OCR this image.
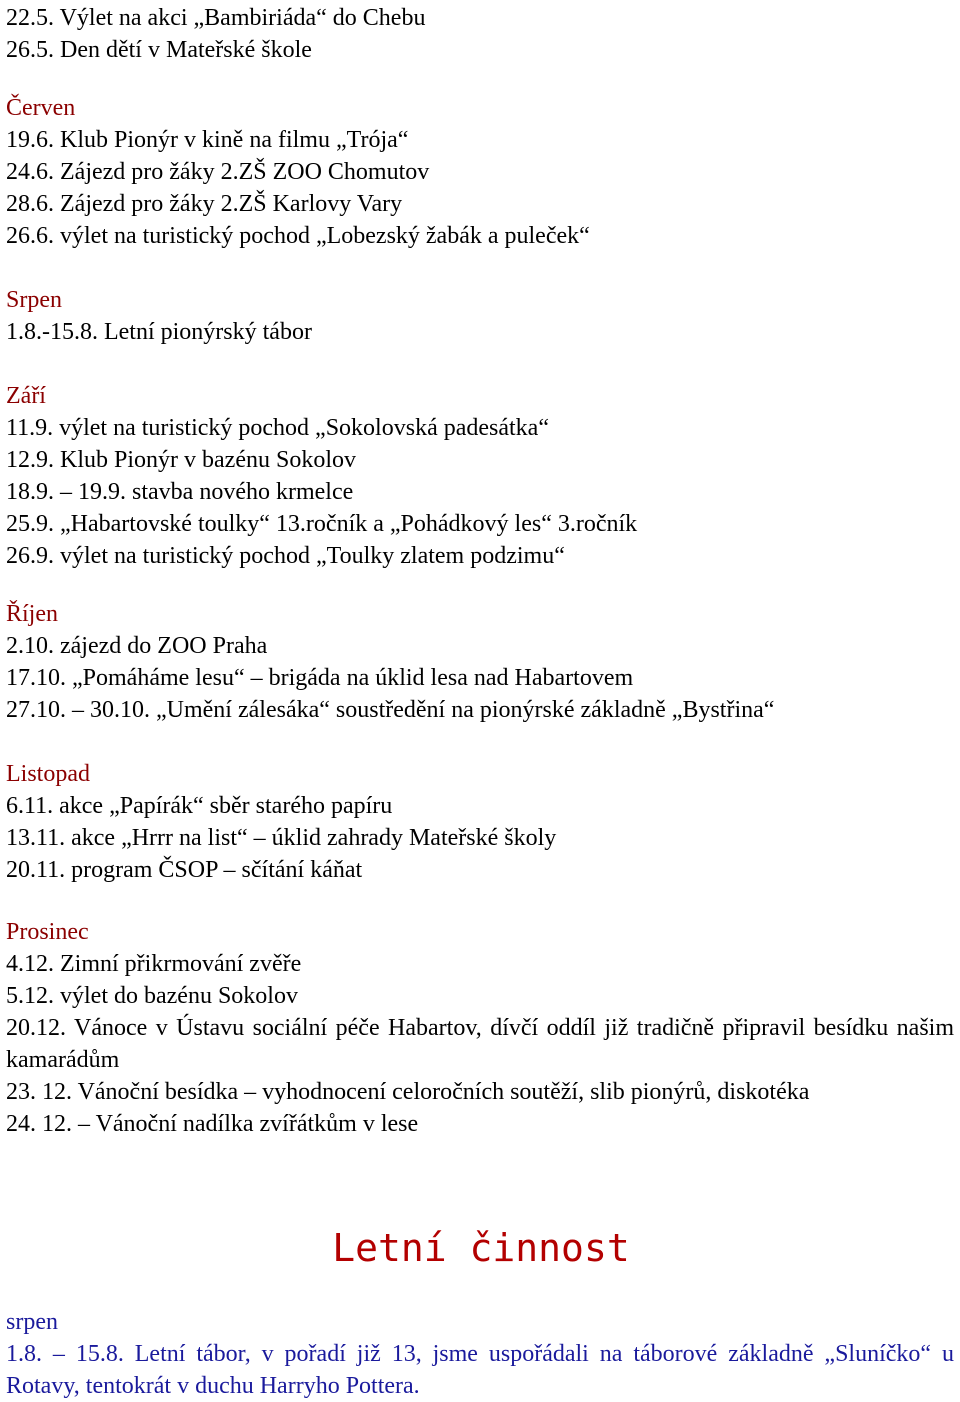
22.5. Výlet na akci „Bambiriáda“ do Chebu
26.5. Den dětí v Mateřské škole
Červen
19.6. Klub Pionýr v kině na filmu „Trója“
24.6. Zájezd pro žáky 2.ZŠ ZOO Chomutov
28.6. Zájezd pro žáky 2.ZŠ Karlovy Vary
26.6. výlet na turistický pochod „Lobezský žabák a puleček“
Srpen
1.8.-15.8. Letní pionýrský tábor
Září
11.9. výlet na turistický pochod „Sokolovská padesátka“
12.9. Klub Pionýr v bazénu Sokolov
18.9. – 19.9. stavba nového krmelce
25.9. „Habartovské toulky“ 13.ročník a „Pohádkový les“ 3.ročník
26.9. výlet na turistický pochod „Toulky zlatem podzimu“
Říjen
2.10. zájezd do ZOO Praha
17.10. „Pomáháme lesu“ – brigáda na úklid lesa nad Habartovem
27.10. – 30.10. „Umění zálesáka“ soustředění na pionýrské základně „Bystřina“
Listopad
6.11. akce „Papírák“ sběr starého papíru
13.11. akce „Hrrr na list“ – úklid zahrady Mateřské školy
20.11. program ČSOP – sčítání káňat
Prosinec
4.12. Zimní přikrmování zvěře
5.12. výlet do bazénu Sokolov
20.12. Vánoce v Ústavu sociální péče Habartov, dívčí oddíl již tradičně připravil besídku našim kamarádům
23. 12. Vánoční besídka – vyhodnocení celoročních soutěží, slib pionýrů, diskotéka
24. 12. – Vánoční nadílka zvířátkům v lese
Letní činnost
srpen
1.8. – 15.8. Letní tábor, v pořadí již 13, jsme uspořádali na táborové základně „Sluníčko“ u Rotavy, tentokrát v duchu Harryho Pottera.
